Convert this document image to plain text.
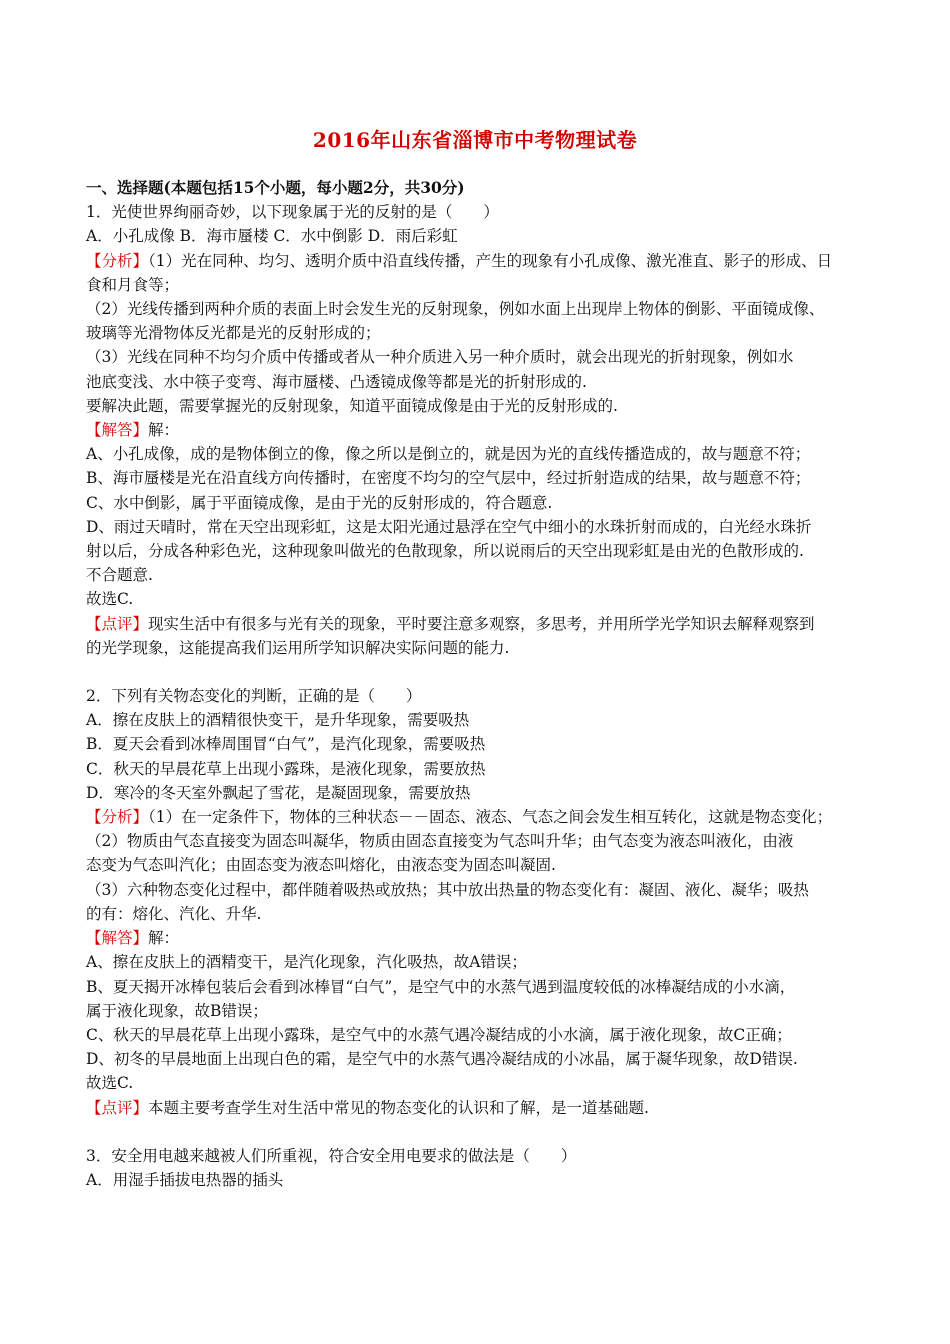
2016年山东省淄博市中考物理试卷
一、选择题(本题包括15个小题，每小题2分，共30分)
1．光使世界绚丽奇妙，以下现象属于光的反射的是（　　）
A．小孔成像 B．海市蜃楼 C．水中倒影 D．雨后彩虹
【分析】（1）光在同种、均匀、透明介质中沿直线传播，产生的现象有小孔成像、激光准直、影子的形成、日
食和月食等；
（2）光线传播到两种介质的表面上时会发生光的反射现象，例如水面上出现岸上物体的倒影、平面镜成像、
玻璃等光滑物体反光都是光的反射形成的；
（3）光线在同种不均匀介质中传播或者从一种介质进入另一种介质时，就会出现光的折射现象，例如水
池底变浅、水中筷子变弯、海市蜃楼、凸透镜成像等都是光的折射形成的.
要解决此题，需要掌握光的反射现象，知道平面镜成像是由于光的反射形成的.
【解答】解：
A、小孔成像，成的是物体倒立的像，像之所以是倒立的，就是因为光的直线传播造成的，故与题意不符；
B、海市蜃楼是光在沿直线方向传播时，在密度不均匀的空气层中，经过折射造成的结果，故与题意不符；
C、水中倒影，属于平面镜成像，是由于光的反射形成的，符合题意.
D、雨过天晴时，常在天空出现彩虹，这是太阳光通过悬浮在空气中细小的水珠折射而成的，白光经水珠折
射以后，分成各种彩色光，这种现象叫做光的色散现象，所以说雨后的天空出现彩虹是由光的色散形成的.
不合题意.
故选C.
【点评】现实生活中有很多与光有关的现象，平时要注意多观察，多思考，并用所学光学知识去解释观察到
的光学现象，这能提高我们运用所学知识解决实际问题的能力.
2．下列有关物态变化的判断，正确的是（　　）
A．擦在皮肤上的酒精很快变干，是升华现象，需要吸热
B．夏天会看到冰棒周围冒“白气”，是汽化现象，需要吸热
C．秋天的早晨花草上出现小露珠，是液化现象，需要放热
D．寒冷的冬天室外飘起了雪花，是凝固现象，需要放热
【分析】（1）在一定条件下，物体的三种状态－－固态、液态、气态之间会发生相互转化，这就是物态变化；
（2）物质由气态直接变为固态叫凝华，物质由固态直接变为气态叫升华；由气态变为液态叫液化，由液
态变为气态叫汽化；由固态变为液态叫熔化，由液态变为固态叫凝固.
（3）六种物态变化过程中，都伴随着吸热或放热；其中放出热量的物态变化有：凝固、液化、凝华；吸热
的有：熔化、汽化、升华.
【解答】解：
A、擦在皮肤上的酒精变干，是汽化现象，汽化吸热，故A错误；
B、夏天揭开冰棒包装后会看到冰棒冒“白气”，是空气中的水蒸气遇到温度较低的冰棒凝结成的小水滴，
属于液化现象，故B错误；
C、秋天的早晨花草上出现小露珠，是空气中的水蒸气遇冷凝结成的小水滴，属于液化现象，故C正确；
D、初冬的早晨地面上出现白色的霜，是空气中的水蒸气遇冷凝结成的小冰晶，属于凝华现象，故D错误.
故选C.
【点评】本题主要考查学生对生活中常见的物态变化的认识和了解，是一道基础题.
3．安全用电越来越被人们所重视，符合安全用电要求的做法是（　　）
A．用湿手插拔电热器的插头
